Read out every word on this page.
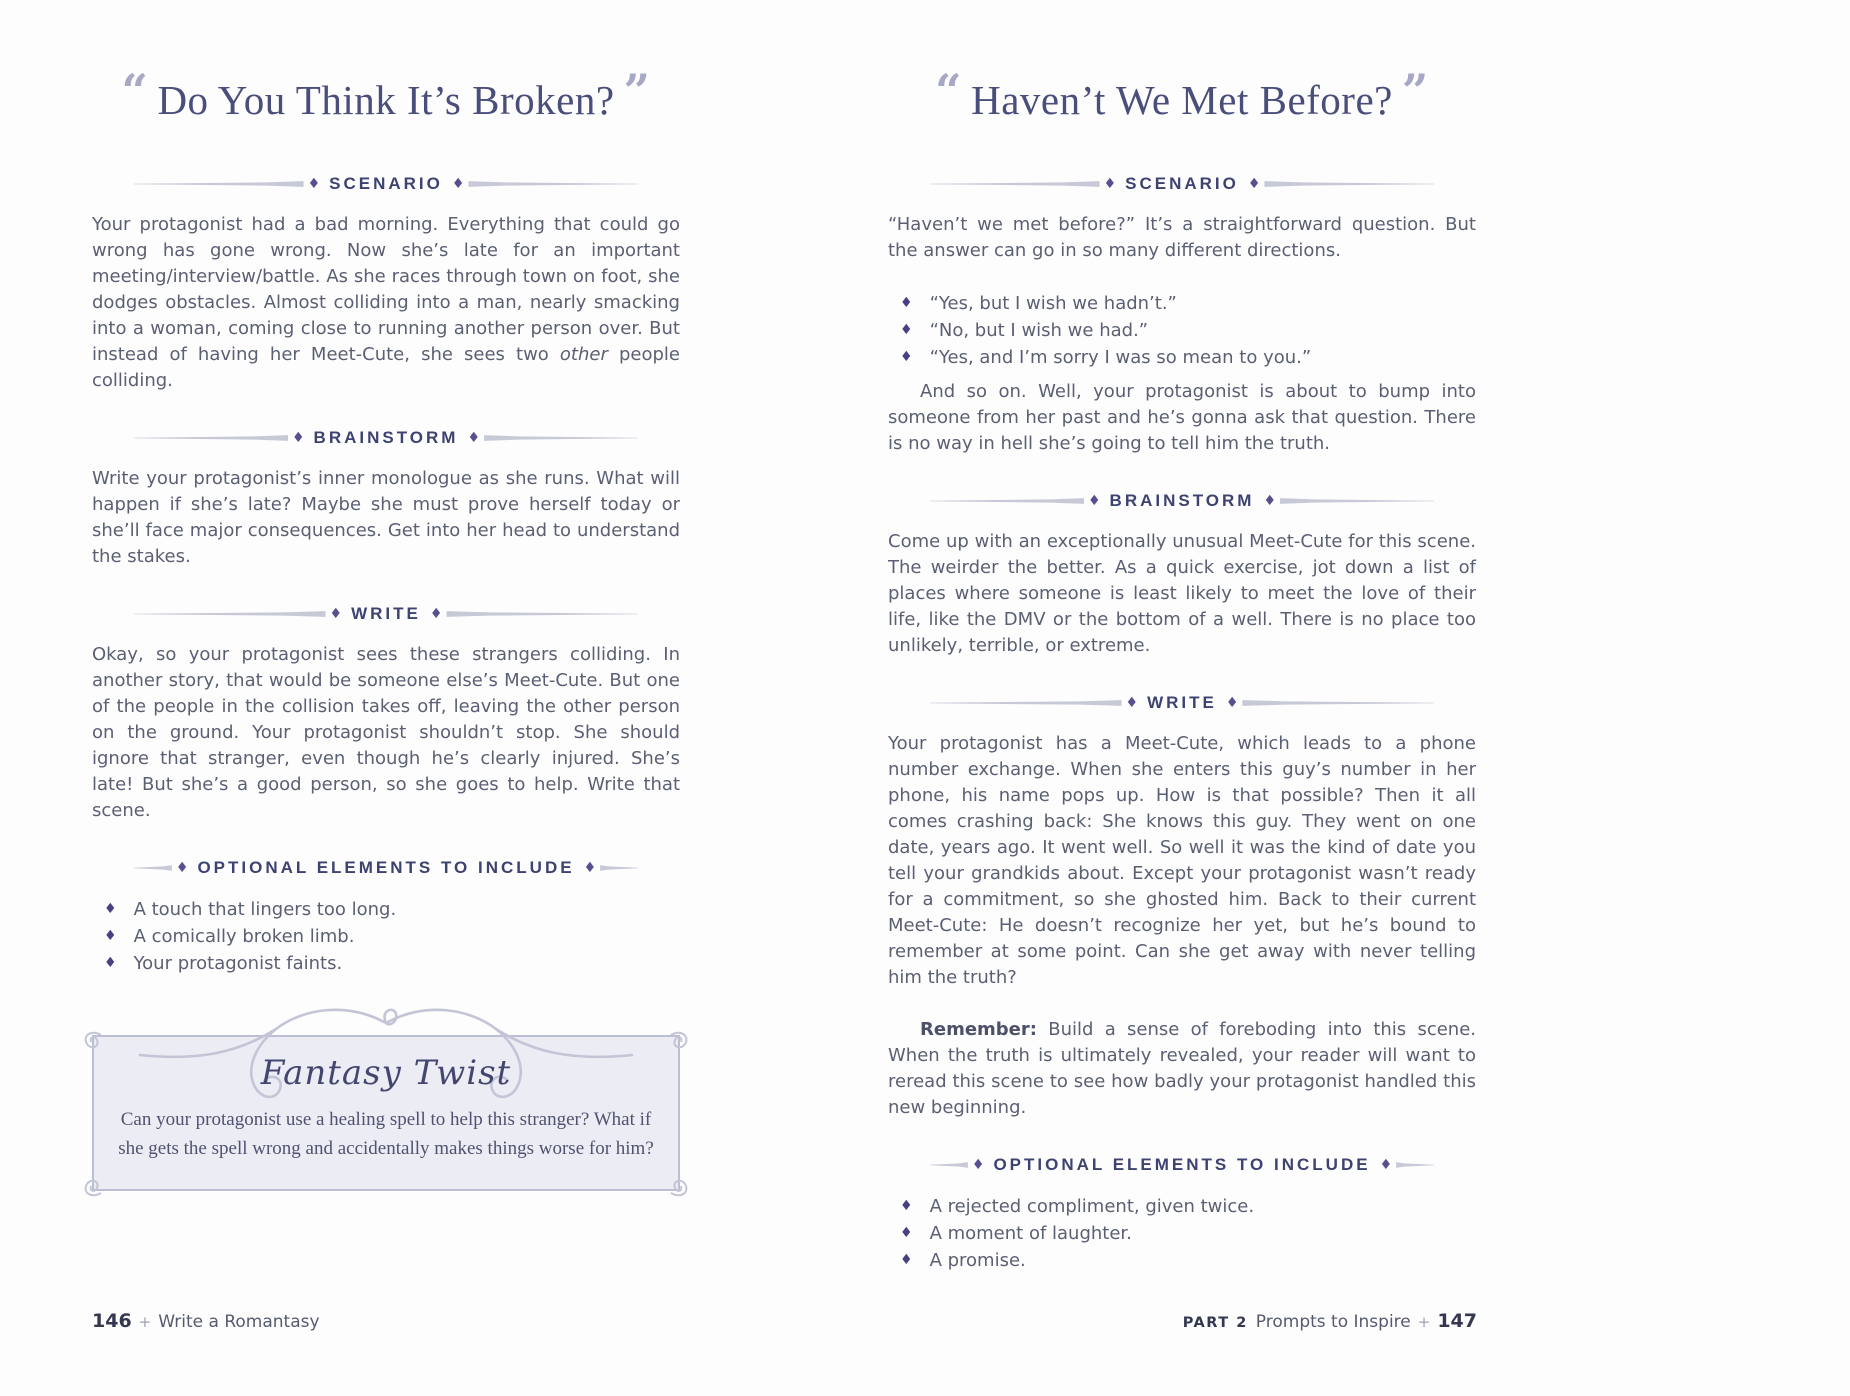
“ Do You Think It’s Broken? ”
♦ SCENARIO ♦

Your protagonist had a bad morning. Everything that could go wrong has gone wrong. Now she’s late for an important meeting/interview/battle. As she races through town on foot, she dodges obstacles. Almost colliding into a man, nearly smacking into a woman, coming close to running another person over. But instead of having her Meet-Cute, she sees two other people colliding.

♦ BRAINSTORM ♦

Write your protagonist’s inner monologue as she runs. What will happen if she’s late? Maybe she must prove herself today or she’ll face major consequences. Get into her head to understand the stakes.

♦ WRITE ♦

Okay, so your protagonist sees these strangers colliding. In another story, that would be someone else’s Meet-Cute. But one of the people in the collision takes off, leaving the other person on the ground. Your protagonist shouldn’t stop. She should ignore that stranger, even though he’s clearly injured. She’s late! But she’s a good person, so she goes to help. Write that scene.

♦ OPTIONAL ELEMENTS TO INCLUDE ♦
♦ A touch that lingers too long.
♦ A comically broken limb.
♦ Your protagonist faints.
Fantasy Twist
Can your protagonist use a healing spell to help this stranger? What if she gets the spell wrong and accidentally makes things worse for him?
“ Haven’t We Met Before? ”
♦ SCENARIO ♦

“Haven’t we met before?” It’s a straightforward question. But the answer can go in so many different directions.

♦ “Yes, but I wish we hadn’t.”
♦ “No, but I wish we had.”
♦ “Yes, and I’m sorry I was so mean to you.”

And so on. Well, your protagonist is about to bump into someone from her past and he’s gonna ask that question. There is no way in hell she’s going to tell him the truth.

♦ BRAINSTORM ♦

Come up with an exceptionally unusual Meet-Cute for this scene. The weirder the better. As a quick exercise, jot down a list of places where someone is least likely to meet the love of their life, like the DMV or the bottom of a well. There is no place too unlikely, terrible, or extreme.

♦ WRITE ♦

Your protagonist has a Meet-Cute, which leads to a phone number exchange. When she enters this guy’s number in her phone, his name pops up. How is that possible? Then it all comes crashing back: She knows this guy. They went on one date, years ago. It went well. So well it was the kind of date you tell your grandkids about. Except your protagonist wasn’t ready for a commitment, so she ghosted him. Back to their current Meet-Cute: He doesn’t recognize her yet, but he’s bound to remember at some point. Can she get away with never telling him the truth?

Remember: Build a sense of foreboding into this scene. When the truth is ultimately revealed, your reader will want to reread this scene to see how badly your protagonist handled this new beginning.

♦ OPTIONAL ELEMENTS TO INCLUDE ♦
♦ A rejected compliment, given twice.
♦ A moment of laughter.
♦ A promise.
146 + Write a Romantasy	PART 2 Prompts to Inspire + 147
